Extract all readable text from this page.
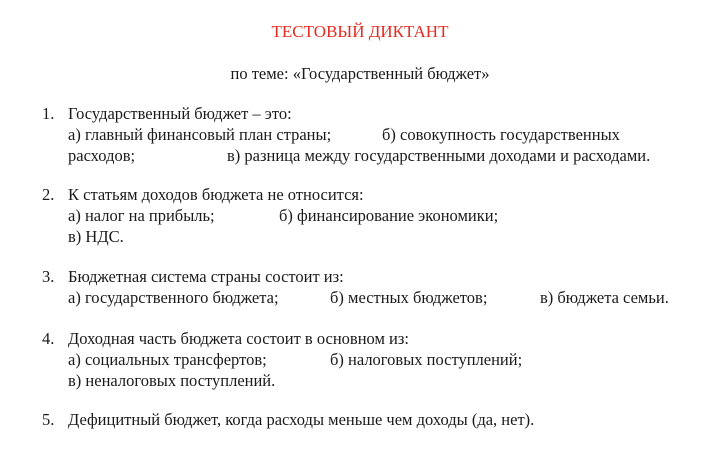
ТЕСТОВЫЙ ДИКТАНТ
по теме: «Государственный бюджет»
1. Государственный бюджет – это:
а) главный финансовый план страны;	б) совокупность государственных
расходов;	в) разница между государственными доходами и расходами.
2. К статьям доходов бюджета не относится:
а) налог на прибыль;	б) финансирование экономики;
в) НДС.
3. Бюджетная система страны состоит из:
а) государственного бюджета;	б) местных бюджетов;	в) бюджета семьи.
4. Доходная часть бюджета состоит в основном из:
а) социальных трансфертов;	б) налоговых поступлений;
в) неналоговых поступлений.
5. Дефицитный бюджет, когда расходы меньше чем доходы (да, нет).
